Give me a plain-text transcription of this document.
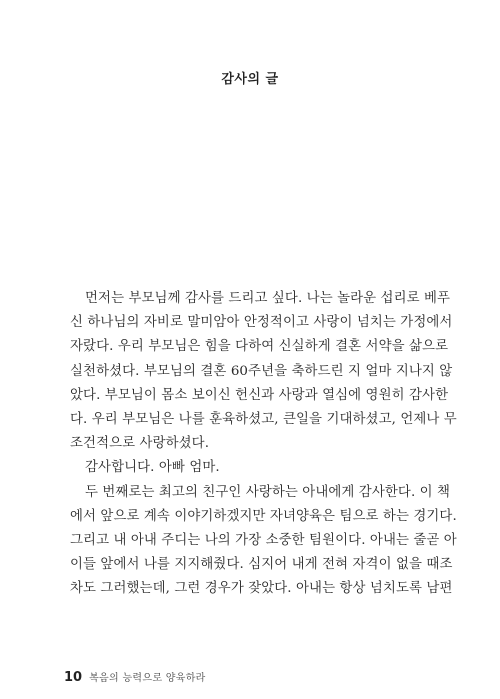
감사의 글
먼저는 부모님께 감사를 드리고 싶다. 나는 놀라운 섭리로 베푸
신 하나님의 자비로 말미암아 안정적이고 사랑이 넘치는 가정에서
자랐다. 우리 부모님은 힘을 다하여 신실하게 결혼 서약을 삶으로
실천하셨다. 부모님의 결혼 60주년을 축하드린 지 얼마 지나지 않
았다. 부모님이 몸소 보이신 헌신과 사랑과 열심에 영원히 감사한
다. 우리 부모님은 나를 훈육하셨고, 큰일을 기대하셨고, 언제나 무
조건적으로 사랑하셨다.
감사합니다. 아빠 엄마.
두 번째로는 최고의 친구인 사랑하는 아내에게 감사한다. 이 책
에서 앞으로 계속 이야기하겠지만 자녀양육은 팀으로 하는 경기다.
그리고 내 아내 주디는 나의 가장 소중한 팀원이다. 아내는 줄곧 아
이들 앞에서 나를 지지해줬다. 심지어 내게 전혀 자격이 없을 때조
차도 그러했는데, 그런 경우가 잦았다. 아내는 항상 넘치도록 남편
10 복음의 능력으로 양육하라
